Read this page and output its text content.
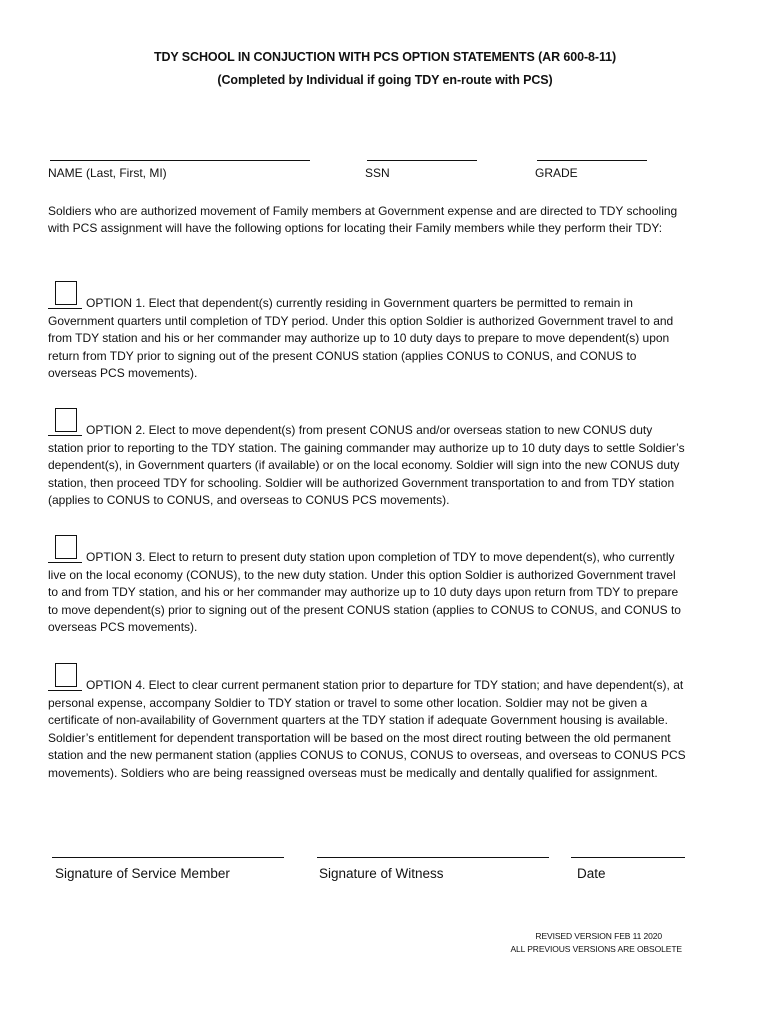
TDY SCHOOL IN CONJUCTION WITH PCS OPTION STATEMENTS (AR 600-8-11)
(Completed by Individual if going TDY en-route with PCS)
NAME (Last, First, MI)	SSN	GRADE

Soldiers who are authorized movement of Family members at Government expense and are directed to TDY schooling with PCS assignment will have the following options for locating their Family members while they perform their TDY:

OPTION 1. Elect that dependent(s) currently residing in Government quarters be permitted to remain in Government quarters until completion of TDY period. Under this option Soldier is authorized Government travel to and from TDY station and his or her commander may authorize up to 10 duty days to prepare to move dependent(s) upon return from TDY prior to signing out of the present CONUS station (applies CONUS to CONUS, and CONUS to overseas PCS movements).

OPTION 2. Elect to move dependent(s) from present CONUS and/or overseas station to new CONUS duty station prior to reporting to the TDY station. The gaining commander may authorize up to 10 duty days to settle Soldier’s dependent(s), in Government quarters (if available) or on the local economy. Soldier will sign into the new CONUS duty station, then proceed TDY for schooling. Soldier will be authorized Government transportation to and from TDY station (applies to CONUS to CONUS, and overseas to CONUS PCS movements).

OPTION 3. Elect to return to present duty station upon completion of TDY to move dependent(s), who currently live on the local economy (CONUS), to the new duty station. Under this option Soldier is authorized Government travel to and from TDY station, and his or her commander may authorize up to 10 duty days upon return from TDY to prepare to move dependent(s) prior to signing out of the present CONUS station (applies to CONUS to CONUS, and CONUS to overseas PCS movements).

OPTION 4. Elect to clear current permanent station prior to departure for TDY station; and have dependent(s), at personal expense, accompany Soldier to TDY station or travel to some other location. Soldier may not be given a certificate of non-availability of Government quarters at the TDY station if adequate Government housing is available. Soldier’s entitlement for dependent transportation will be based on the most direct routing between the old permanent station and the new permanent station (applies CONUS to CONUS, CONUS to overseas, and overseas to CONUS PCS movements). Soldiers who are being reassigned overseas must be medically and dentally qualified for assignment.

Signature of Service Member	Signature of Witness	Date
REVISED VERSION FEB 11 2020
ALL PREVIOUS VERSIONS ARE OBSOLETE
